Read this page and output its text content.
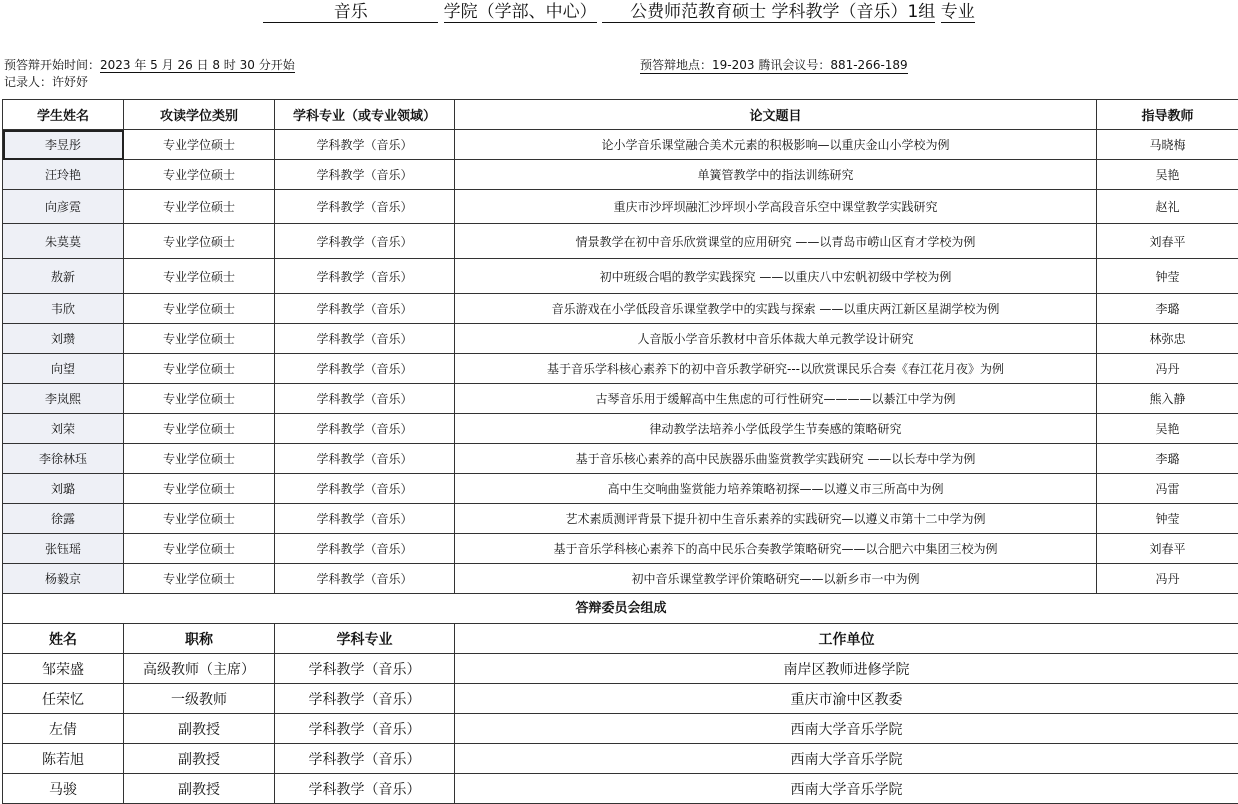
音乐	学院（学部、中心） 公费师范教育硕士 学科教学（音乐）1组 专业
预答辩开始时间：2023 年 5 月 26 日 8 时 30 分开始	预答辩地点：19-203 腾讯会议号：881-266-189
记录人：许妤妤
学生姓名	攻读学位类别	学科专业（或专业领域）	论文题目	指导教师
李昱彤	专业学位硕士	学科教学（音乐）	论小学音乐课堂融合美术元素的积极影响—以重庆金山小学校为例	马晓梅
汪玲艳	专业学位硕士	学科教学（音乐）	单簧管教学中的指法训练研究	吴艳
向彦霓	专业学位硕士	学科教学（音乐）	重庆市沙坪坝融汇沙坪坝小学高段音乐空中课堂教学实践研究	赵礼
朱莫莫	专业学位硕士	学科教学（音乐）	情景教学在初中音乐欣赏课堂的应用研究 ——以青岛市崂山区育才学校为例	刘春平
敖新	专业学位硕士	学科教学（音乐）	初中班级合唱的教学实践探究 ——以重庆八中宏帆初级中学校为例	钟莹
韦欣	专业学位硕士	学科教学（音乐）	音乐游戏在小学低段音乐课堂教学中的实践与探索 ——以重庆两江新区星湖学校为例	李璐
刘瓒	专业学位硕士	学科教学（音乐）	人音版小学音乐教材中音乐体裁大单元教学设计研究	林弥忠
向望	专业学位硕士	学科教学（音乐）	基于音乐学科核心素养下的初中音乐教学研究---以欣赏课民乐合奏《春江花月夜》为例	冯丹
李岚熙	专业学位硕士	学科教学（音乐）	古琴音乐用于缓解高中生焦虑的可行性研究————以綦江中学为例	熊入静
刘荣	专业学位硕士	学科教学（音乐）	律动教学法培养小学低段学生节奏感的策略研究	吴艳
李徐林珏	专业学位硕士	学科教学（音乐）	基于音乐核心素养的高中民族器乐曲鉴赏教学实践研究 ——以长寿中学为例	李璐
刘璐	专业学位硕士	学科教学（音乐）	高中生交响曲鉴赏能力培养策略初探——以遵义市三所高中为例	冯雷
徐露	专业学位硕士	学科教学（音乐）	艺术素质测评背景下提升初中生音乐素养的实践研究—以遵义市第十二中学为例	钟莹
张钰瑶	专业学位硕士	学科教学（音乐）	基于音乐学科核心素养下的高中民乐合奏教学策略研究——以合肥六中集团三校为例	刘春平
杨毅京	专业学位硕士	学科教学（音乐）	初中音乐课堂教学评价策略研究——以新乡市一中为例	冯丹
答辩委员会组成
姓名	职称	学科专业	工作单位
邹荣盛	高级教师（主席）	学科教学（音乐）	南岸区教师进修学院
任荣忆	一级教师	学科教学（音乐）	重庆市渝中区教委
左倩	副教授	学科教学（音乐）	西南大学音乐学院
陈若旭	副教授	学科教学（音乐）	西南大学音乐学院
马骏	副教授	学科教学（音乐）	西南大学音乐学院
